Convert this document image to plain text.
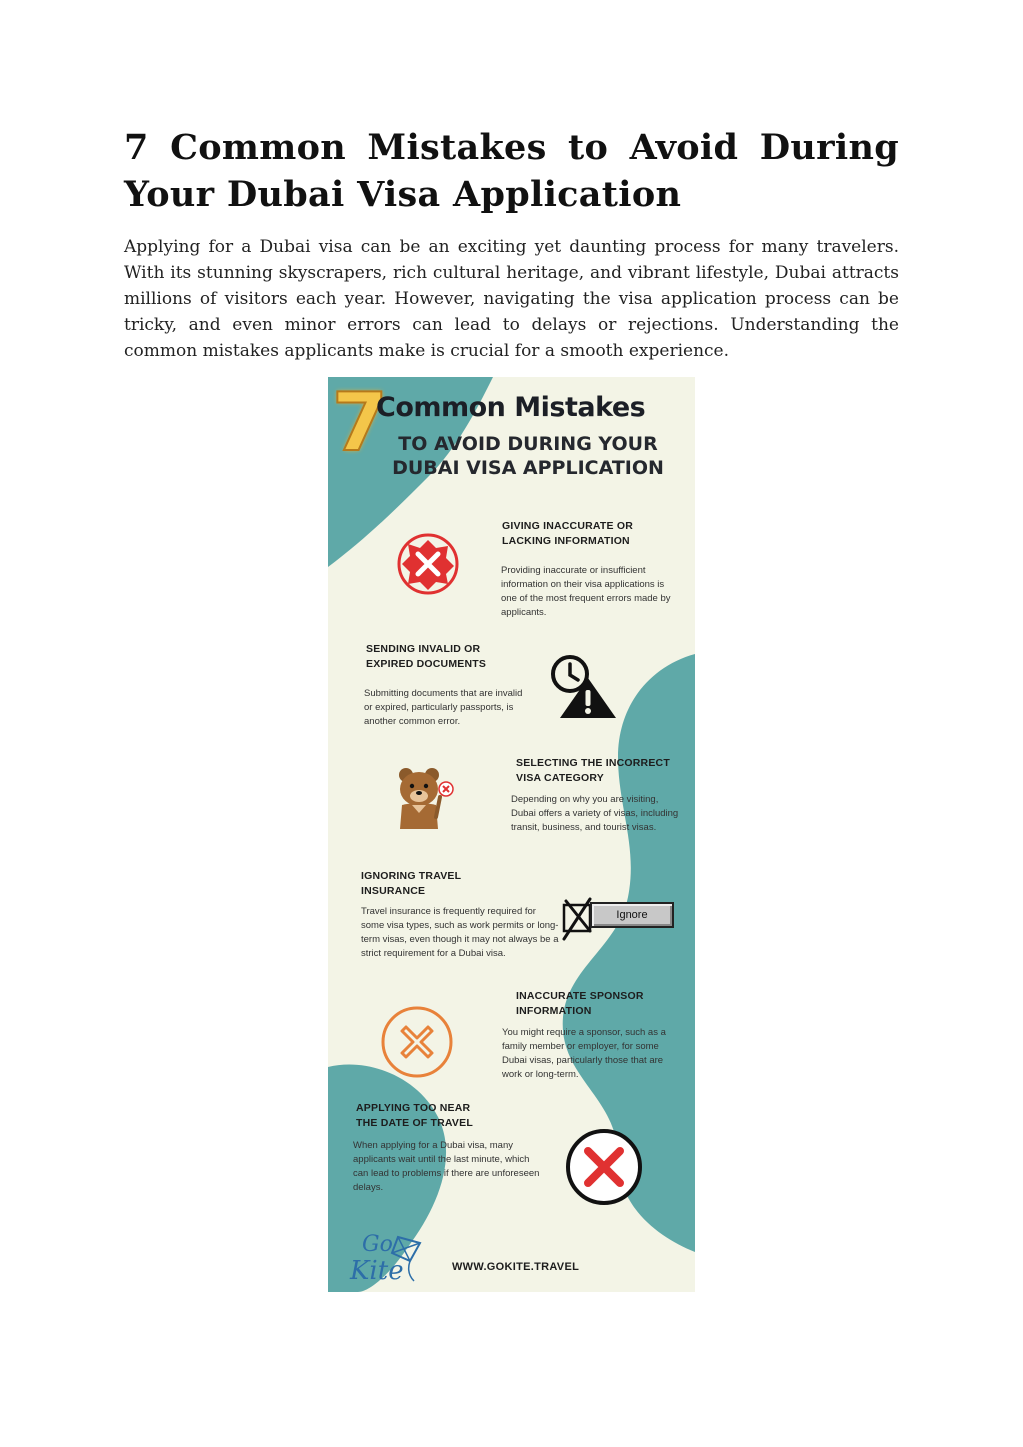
7 Common Mistakes to Avoid During Your Dubai Visa Application

Applying for a Dubai visa can be an exciting yet daunting process for many travelers. With its stunning skyscrapers, rich cultural heritage, and vibrant lifestyle, Dubai attracts millions of visitors each year. However, navigating the visa application process can be tricky, and even minor errors can lead to delays or rejections. Understanding the common mistakes applicants make is crucial for a smooth experience.

7
Common Mistakes
TO AVOID DURING YOUR
DUBAI VISA APPLICATION
GIVING INACCURATE OR
LACKING INFORMATION
Providing inaccurate or insufficient information on their visa applications is one of the most frequent errors made by applicants.
SENDING INVALID OR
EXPIRED DOCUMENTS
Submitting documents that are invalid or expired, particularly passports, is another common error.
SELECTING THE INCORRECT
VISA CATEGORY
Depending on why you are visiting, Dubai offers a variety of visas, including transit, business, and tourist visas.
IGNORING TRAVEL
INSURANCE
Travel insurance is frequently required for some visa types, such as work permits or long-term visas, even though it may not always be a strict requirement for a Dubai visa.
Ignore
INACCURATE SPONSOR
INFORMATION
You might require a sponsor, such as a family member or employer, for some Dubai visas, particularly those that are work or long-term.
APPLYING TOO NEAR
THE DATE OF TRAVEL
When applying for a Dubai visa, many applicants wait until the last minute, which can lead to problems if there are unforeseen delays.
Go
Kite	WWW.GOKITE.TRAVEL
